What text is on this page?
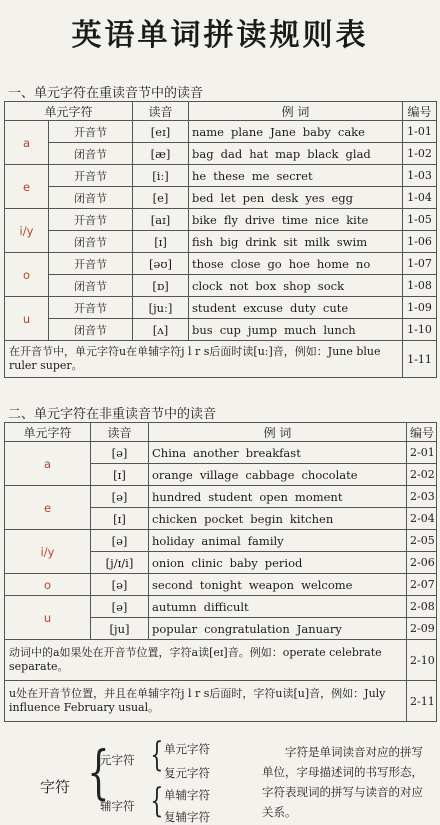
英语单词拼读规则表
一、单元字符在重读音节中的读音
单元字符		读音	例 词	编号
a	开音节	[eɪ]	name plane Jane baby cake	1-01
	闭音节	[æ]	bag dad hat map black glad	1-02
e	开音节	[iː]	he these me secret	1-03
	闭音节	[e]	bed let pen desk yes egg	1-04
i/y	开音节	[aɪ]	bike fly drive time nice kite	1-05
	闭音节	[ɪ]	fish big drink sit milk swim	1-06
o	开音节	[əʊ]	those close go hoe home no	1-07
	闭音节	[ɒ]	clock not box shop sock	1-08
u	开音节	[juː]	student excuse duty cute	1-09
	闭音节	[ʌ]	bus cup jump much lunch	1-10
在开音节中，单元字符u在单辅字符j l r s后面时读[uː]音，例如：June blue ruler super。				1-11
二、单元字符在非重读音节中的读音
单元字符	读音	例 词	编号
a	[ə]	China another breakfast	2-01
	[ɪ]	orange village cabbage chocolate	2-02
e	[ə]	hundred student open moment	2-03
	[ɪ]	chicken pocket begin kitchen	2-04
i/y	[ə]	holiday animal family	2-05
	[j/ɪ/i]	onion clinic baby period	2-06
o	[ə]	second tonight weapon welcome	2-07
u	[ə]	autumn difficult	2-08
	[ju]	popular congratulation January	2-09
动词中的a如果处在开音节位置，字符a读[eɪ]音。例如：operate celebrate separate。			2-10
u处在开音节位置，并且在单辅字符j l r s后面时，字符u读[u]音，例如：July influence February usual。			2-11
字符 {
元字符 { 单元字符
复元字符
辅字符 { 单辅字符
复辅字符
字符是单词读音对应的拼写单位，字母描述词的书写形态，字符表现词的拼写与读音的对应关系。
